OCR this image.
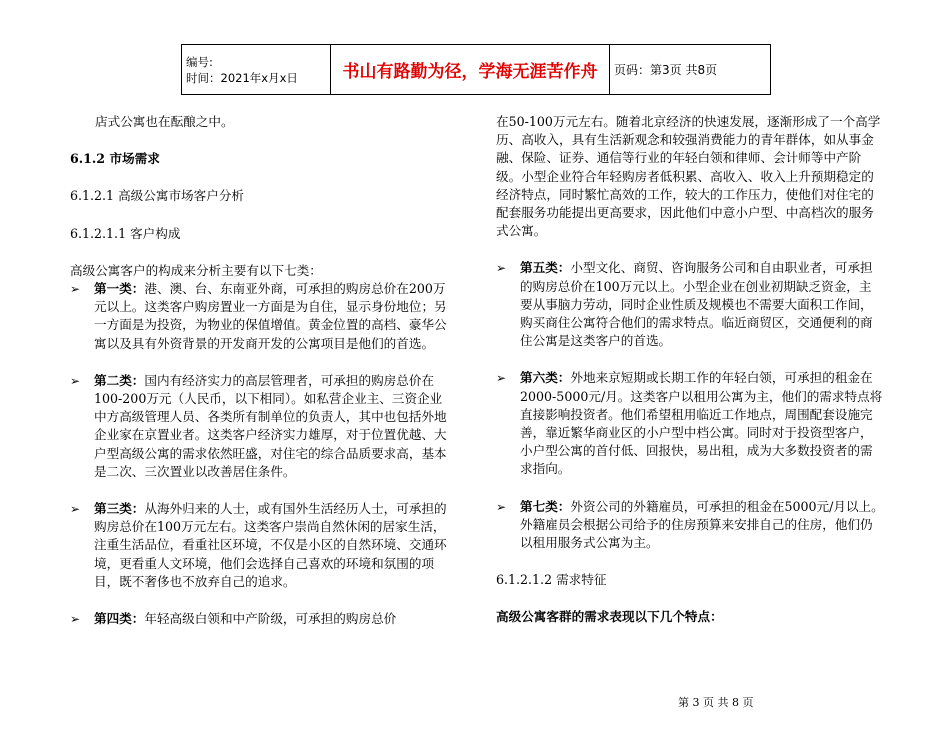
编号:
时间：2021年x月x日	书山有路勤为径，学海无涯苦作舟	页码：第3页 共8页

店式公寓也在酝酿之中。

6.1.2 市场需求

6.1.2.1 高级公寓市场客户分析

6.1.2.1.1 客户构成

高级公寓客户的构成来分析主要有以下七类：

➢ 第一类：港、澳、台、东南亚外商，可承担的购房总价在200万元以上。这类客户购房置业一方面是为自住，显示身份地位；另一方面是为投资，为物业的保值增值。黄金位置的高档、豪华公寓以及具有外资背景的开发商开发的公寓项目是他们的首选。
➢ 第二类：国内有经济实力的高层管理者，可承担的购房总价在100-200万元（人民币，以下相同）。如私营企业主、三资企业中方高级管理人员、各类所有制单位的负责人，其中也包括外地企业家在京置业者。这类客户经济实力雄厚，对于位置优越、大户型高级公寓的需求依然旺盛，对住宅的综合品质要求高，基本是二次、三次置业以改善居住条件。
➢ 第三类：从海外归来的人士，或有国外生活经历人士，可承担的购房总价在100万元左右。这类客户崇尚自然休闲的居家生活，注重生活品位，看重社区环境，不仅是小区的自然环境、交通环境，更看重人文环境，他们会选择自己喜欢的环境和氛围的项目，既不奢侈也不放弃自己的追求。
➢ 第四类：年轻高级白领和中产阶级，可承担的购房总价

在50-100万元左右。随着北京经济的快速发展，逐渐形成了一个高学历、高收入，具有生活新观念和较强消费能力的青年群体，如从事金融、保险、证券、通信等行业的年轻白领和律师、会计师等中产阶级。小型企业符合年轻购房者低积累、高收入、收入上升预期稳定的经济特点，同时繁忙高效的工作，较大的工作压力，使他们对住宅的配套服务功能提出更高要求，因此他们中意小户型、中高档次的服务式公寓。

➢ 第五类：小型文化、商贸、咨询服务公司和自由职业者，可承担的购房总价在100万元以上。小型企业在创业初期缺乏资金，主要从事脑力劳动，同时企业性质及规模也不需要大面积工作间，购买商住公寓符合他们的需求特点。临近商贸区，交通便利的商住公寓是这类客户的首选。
➢ 第六类：外地来京短期或长期工作的年轻白领，可承担的租金在2000-5000元/月。这类客户以租用公寓为主，他们的需求特点将直接影响投资者。他们希望租用临近工作地点，周围配套设施完善，靠近繁华商业区的小户型中档公寓。同时对于投资型客户，小户型公寓的首付低、回报快，易出租，成为大多数投资者的需求指向。
➢ 第七类：外资公司的外籍雇员，可承担的租金在5000元/月以上。外籍雇员会根据公司给予的住房预算来安排自己的住房，他们仍以租用服务式公寓为主。

6.1.2.1.2 需求特征

高级公寓客群的需求表现以下几个特点：

第 3 页 共 8 页
